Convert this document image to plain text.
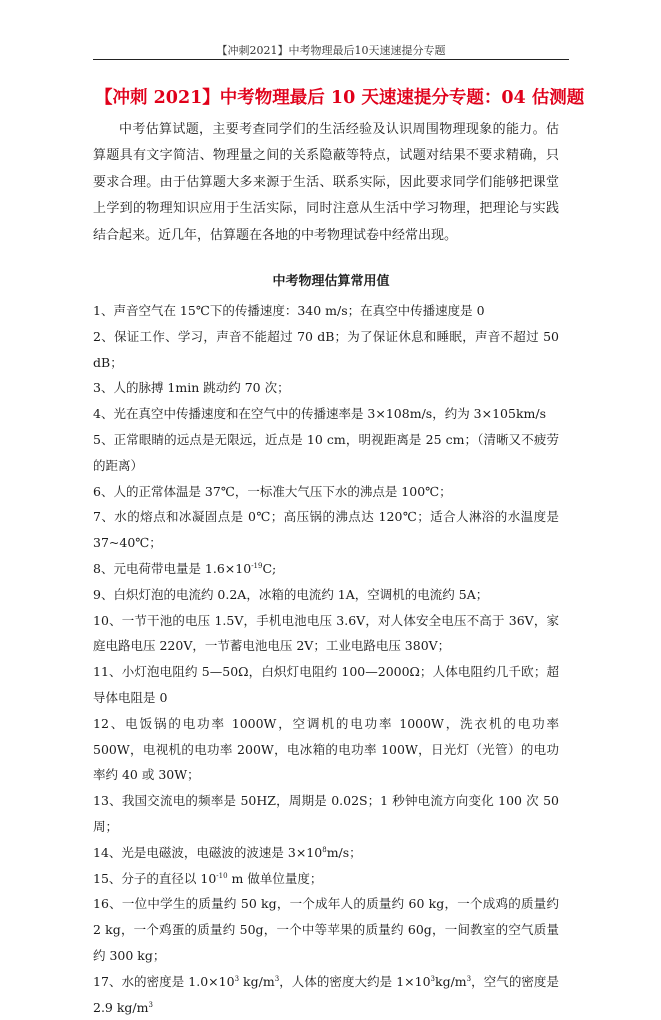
【冲刺2021】中考物理最后10天速速提分专题
【冲刺 2021】中考物理最后 10 天速速提分专题：04 估测题
中考估算试题，主要考查同学们的生活经验及认识周围物理现象的能力。估算题具有文字简洁、物理量之间的关系隐蔽等特点，试题对结果不要求精确，只要求合理。由于估算题大多来源于生活、联系实际，因此要求同学们能够把课堂上学到的物理知识应用于生活实际，同时注意从生活中学习物理，把理论与实践结合起来。近几年，估算题在各地的中考物理试卷中经常出现。
中考物理估算常用值
1、声音空气在 15℃下的传播速度：340 m/s；在真空中传播速度是 0
2、保证工作、学习，声音不能超过 70 dB；为了保证休息和睡眠，声音不超过 50 dB；
3、人的脉搏 1min 跳动约 70 次；
4、光在真空中传播速度和在空气中的传播速率是 3×108m/s，约为 3×105km/s
5、正常眼睛的远点是无限远，近点是 10 cm，明视距离是 25 cm；（清晰又不疲劳的距离）
6、人的正常体温是 37℃，一标准大气压下水的沸点是 100℃；
7、水的熔点和冰凝固点是 0℃；高压锅的沸点达 120℃；适合人淋浴的水温度是 37~40℃；
8、元电荷带电量是 $1.6\times 10^{-19}C$;
9、白炽灯泡的电流约 0.2A，冰箱的电流约 1A，空调机的电流约 5A；
10、一节干池的电压 1.5V，手机电池电压 3.6V，对人体安全电压不高于 36V，家庭电路电压 220V，一节蓄电池电压 2V；工业电路电压 380V；
11、小灯泡电阻约 5—50Ω，白炽灯电阻约 100—2000Ω；人体电阻约几千欧；超导体电阻是 0
12、电饭锅的电功率 1000W，空调机的电功率 1000W，洗衣机的电功率 500W，电视机的电功率 200W，电冰箱的电功率 100W，日光灯（光管）的电功率约 40 或 30W；
13、我国交流电的频率是 50HZ，周期是 0.02S；1 秒钟电流方向变化 100 次 50 周；
14、光是电磁波，电磁波的波速是 $3\times 10^8m/s$；
15、分子的直径以 $10^{-10}$ m 做单位量度；
16、一位中学生的质量约 50 kg，一个成年人的质量约 60 kg，一个成鸡的质量约 2 kg，一个鸡蛋的质量约 50g，一个中等苹果的质量约 60g，一间教室的空气质量约 300 kg；
17、水的密度是 $1.0\times 10^3$ $kg/m^3$，人体的密度大约是 $1\times 10^3kg/m^3$，空气的密度是 2.9 $kg/m^3$
